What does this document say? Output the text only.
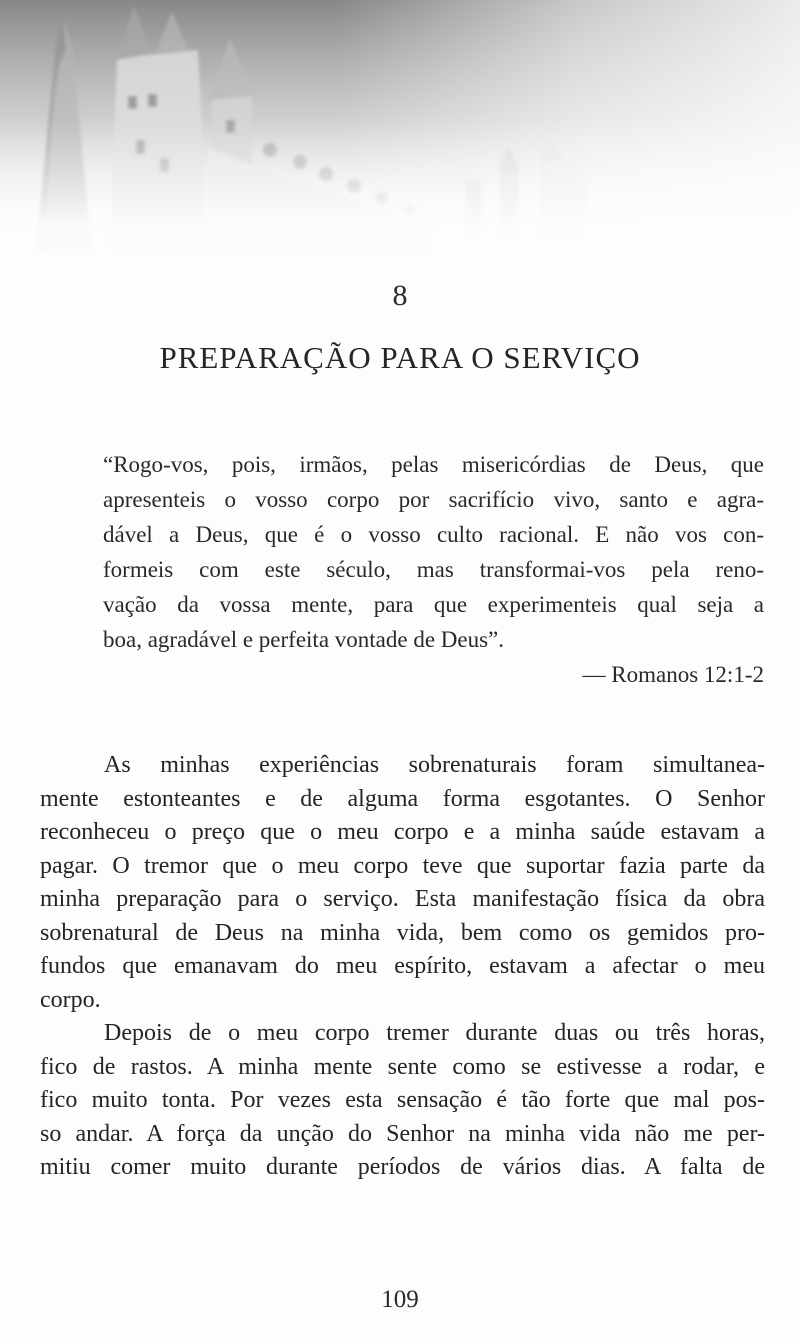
8
PREPARAÇÃO PARA O SERVIÇO
“Rogo-vos, pois, irmãos, pelas misericórdias de Deus, que
apresenteis o vosso corpo por sacrifício vivo, santo e agra-
dável a Deus, que é o vosso culto racional. E não vos con-
formeis com este século, mas transformai-vos pela reno-
vação da vossa mente, para que experimenteis qual seja a
boa, agradável e perfeita vontade de Deus”.
— Romanos 12:1-2
As minhas experiências sobrenaturais foram simultanea-
mente estonteantes e de alguma forma esgotantes. O Senhor
reconheceu o preço que o meu corpo e a minha saúde estavam a
pagar. O tremor que o meu corpo teve que suportar fazia parte da
minha preparação para o serviço. Esta manifestação física da obra
sobrenatural de Deus na minha vida, bem como os gemidos pro-
fundos que emanavam do meu espírito, estavam a afectar o meu
corpo.
Depois de o meu corpo tremer durante duas ou três horas,
fico de rastos. A minha mente sente como se estivesse a rodar, e
fico muito tonta. Por vezes esta sensação é tão forte que mal pos-
so andar. A força da unção do Senhor na minha vida não me per-
mitiu comer muito durante períodos de vários dias. A falta de
109
